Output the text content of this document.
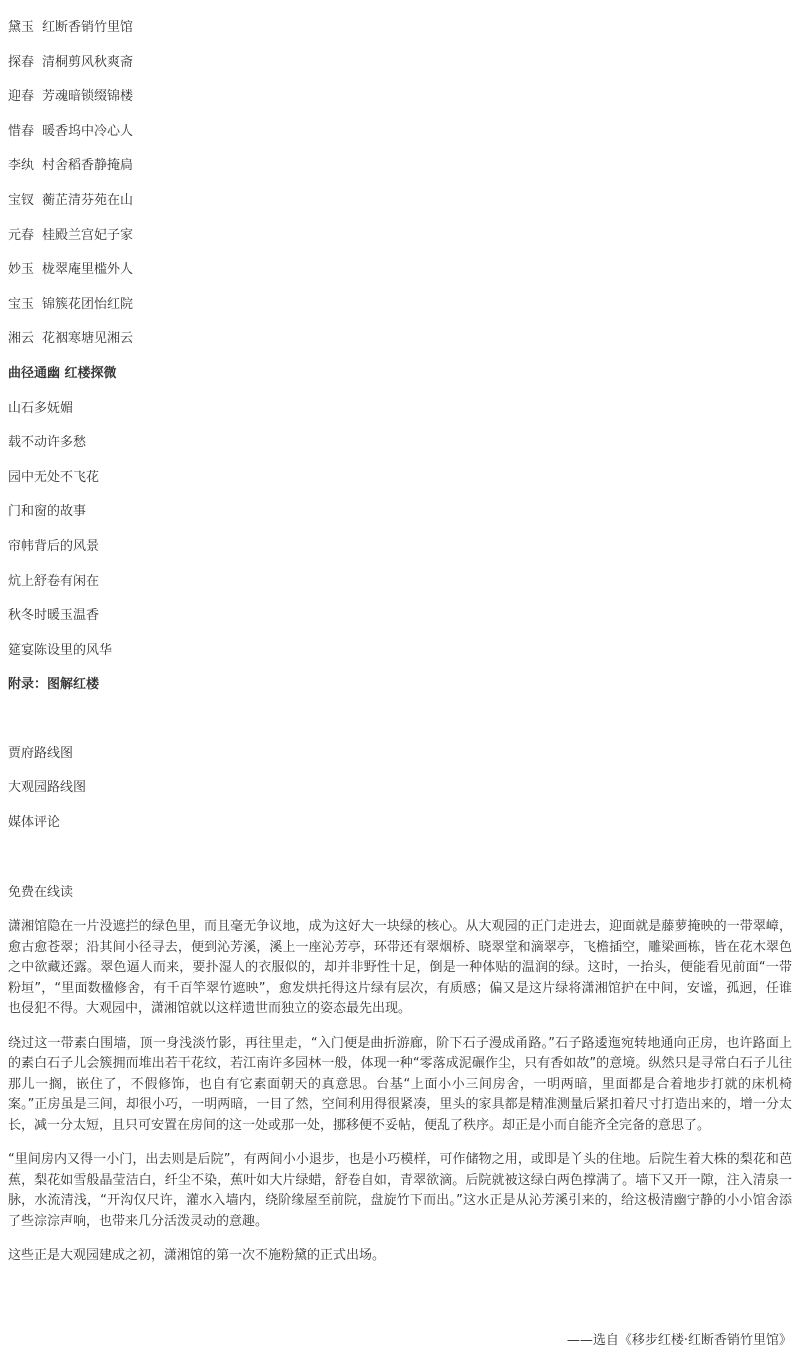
黛玉 红断香销竹里馆
探春 清桐剪风秋爽斋
迎春 芳魂暗锁缀锦楼
惜春 暖香坞中冷心人
李纨 村舍稻香静掩扃
宝钗 蘅芷清芬苑在山
元春 桂殿兰宫妃子家
妙玉 栊翠庵里槛外人
宝玉 锦簇花团怡红院
湘云 花裀寒塘见湘云
曲径通幽 红楼探微
山石多妩媚
载不动许多愁
园中无处不飞花
门和窗的故事
帘帏背后的风景
炕上舒卷有闲在
秋冬时暖玉温香
筵宴陈设里的风华
附录：图解红楼
贾府路线图
大观园路线图
媒体评论
免费在线读

潇湘馆隐在一片没遮拦的绿色里，而且毫无争议地，成为这好大一块绿的核心。从大观园的正门走进去，迎面就是藤萝掩映的一带翠嶂，愈古愈苍翠；沿其间小径寻去，便到沁芳溪，溪上一座沁芳亭，环带还有翠烟桥、晓翠堂和滴翠亭，飞檐插空，雕梁画栋，皆在花木翠色之中欲藏还露。翠色逼人而来，要扑湿人的衣服似的，却并非野性十足，倒是一种体贴的温润的绿。这时，一抬头，便能看见前面“一带粉垣”，“里面数楹修舍，有千百竿翠竹遮映”，愈发烘托得这片绿有层次，有质感；偏又是这片绿将潇湘馆护在中间，安谧，孤迥，任谁也侵犯不得。大观园中，潇湘馆就以这样遗世而独立的姿态最先出现。

绕过这一带素白围墙，顶一身浅淡竹影，再往里走，“入门便是曲折游廊，阶下石子漫成甬路。”石子路逶迤宛转地通向正房，也许路面上的素白石子儿会簇拥而堆出若干花纹，若江南许多园林一般，体现一种“零落成泥碾作尘，只有香如故”的意境。纵然只是寻常白石子儿往那儿一搁，嵌住了，不假修饰，也自有它素面朝天的真意思。台基“上面小小三间房舍，一明两暗，里面都是合着地步打就的床机椅案。”正房虽是三间，却很小巧，一明两暗，一目了然，空间利用得很紧凑，里头的家具都是精准测量后紧扣着尺寸打造出来的，增一分太长，减一分太短，且只可安置在房间的这一处或那一处，挪移便不妥帖，便乱了秩序。却正是小而自能齐全完备的意思了。

“里间房内又得一小门，出去则是后院”，有两间小小退步，也是小巧模样，可作储物之用，或即是丫头的住地。后院生着大株的梨花和芭蕉，梨花如雪般晶莹洁白，纤尘不染，蕉叶如大片绿蜡，舒卷自如，青翠欲滴。后院就被这绿白两色撑满了。墙下又开一隙，注入清泉一脉，水流清浅，“开沟仅尺许，灌水入墙内，绕阶缘屋至前院，盘旋竹下而出。”这水正是从沁芳溪引来的，给这极清幽宁静的小小馆舍添了些淙淙声响，也带来几分活泼灵动的意趣。

这些正是大观园建成之初，潇湘馆的第一次不施粉黛的正式出场。

——选自《移步红楼·红断香销竹里馆》
